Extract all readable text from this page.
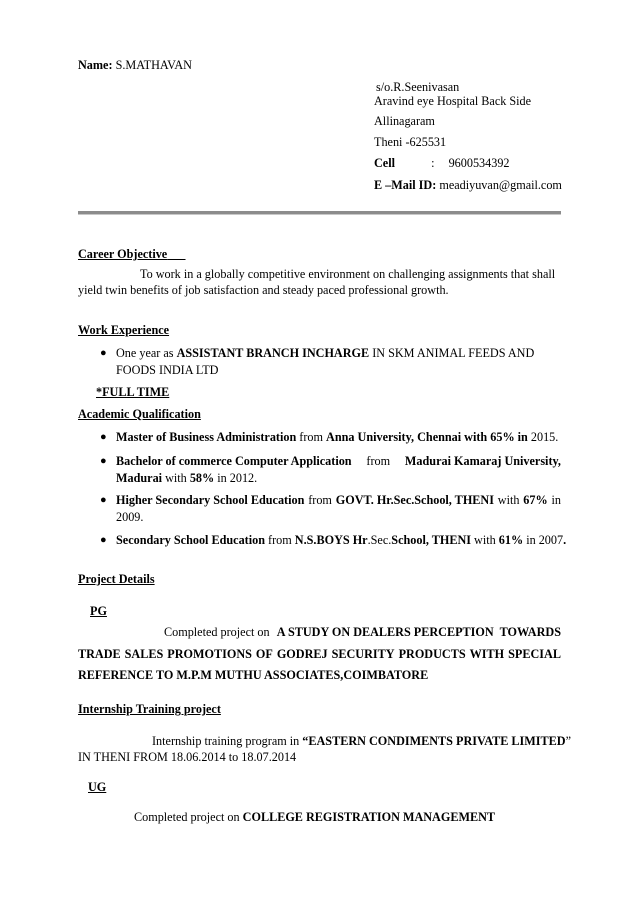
Name: S.MATHAVAN
s/o.R.Seenivasan
Aravind eye Hospital Back Side
Allinagaram
Theni -625531
Cell	: 9600534392
E –Mail ID: meadiyuvan@gmail.com
Career Objective
To work in a globally competitive environment on challenging assignments that shall
yield twin benefits of job satisfaction and steady paced professional growth.
Work Experience
● One year as ASSISTANT BRANCH INCHARGE IN SKM ANIMAL FEEDS AND
FOODS INDIA LTD
*FULL TIME
Academic Qualification
● Master of Business Administration from Anna University, Chennai with 65% in 2015.
● Bachelor of commerce Computer Application from Madurai Kamaraj University,
Madurai with 58% in 2012.
● Higher Secondary School Education from GOVT. Hr.Sec.School, THENI with 67% in
2009.
● Secondary School Education from N.S.BOYS Hr.Sec.School, THENI with 61% in 2007.
Project Details
PG
Completed project on A STUDY ON DEALERS PERCEPTION  TOWARDS
TRADE SALES PROMOTIONS OF GODREJ SECURITY PRODUCTS WITH SPECIAL
REFERENCE TO M.P.M MUTHU ASSOCIATES,COIMBATORE
Internship Training project
Internship training program in “EASTERN CONDIMENTS PRIVATE LIMITED”
IN THENI FROM 18.06.2014 to 18.07.2014
UG
Completed project on COLLEGE REGISTRATION MANAGEMENT
